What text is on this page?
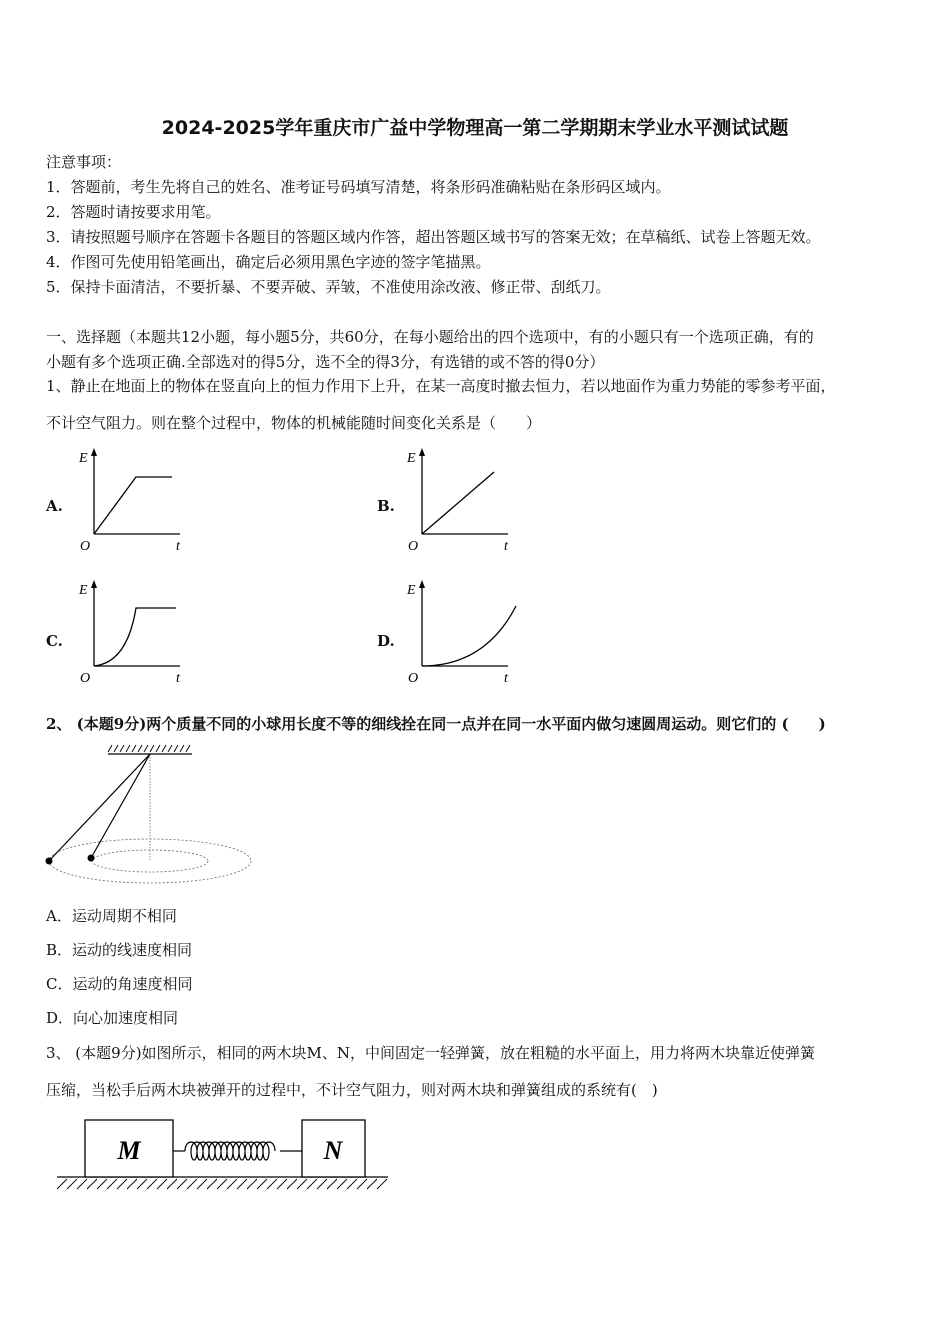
2024-2025学年重庆市广益中学物理高一第二学期期末学业水平测试试题
注意事项：
1．答题前，考生先将自己的姓名、准考证号码填写清楚，将条形码准确粘贴在条形码区域内。
2．答题时请按要求用笔。
3．请按照题号顺序在答题卡各题目的答题区域内作答，超出答题区域书写的答案无效；在草稿纸、试卷上答题无效。
4．作图可先使用铅笔画出，确定后必须用黑色字迹的签字笔描黑。
5．保持卡面清洁，不要折暴、不要弄破、弄皱，不准使用涂改液、修正带、刮纸刀。
一、选择题（本题共12小题，每小题5分，共60分，在每小题给出的四个选项中，有的小题只有一个选项正确，有的
小题有多个选项正确.全部选对的得5分，选不全的得3分，有选错的或不答的得0分）
1、静止在地面上的物体在竖直向上的恒力作用下上升，在某一高度时撤去恒力，若以地面作为重力势能的零参考平面，
不计空气阻力。则在整个过程中，物体的机械能随时间变化关系是（　　）
A.	B.
C.	D.
E
t
O
E
t
O
E
t
O
E
t
O
2、 (本题9分)两个质量不同的小球用长度不等的细线拴在同一点并在同一水平面内做匀速圆周运动。则它们的 (　　)
A．运动周期不相同
B．运动的线速度相同
C．运动的角速度相同
D．向心加速度相同
3、 (本题9分)如图所示，相同的两木块M、N，中间固定一轻弹簧，放在粗糙的水平面上，用力将两木块靠近使弹簧
压缩，当松手后两木块被弹开的过程中，不计空气阻力，则对两木块和弹簧组成的系统有(　)
M	N
